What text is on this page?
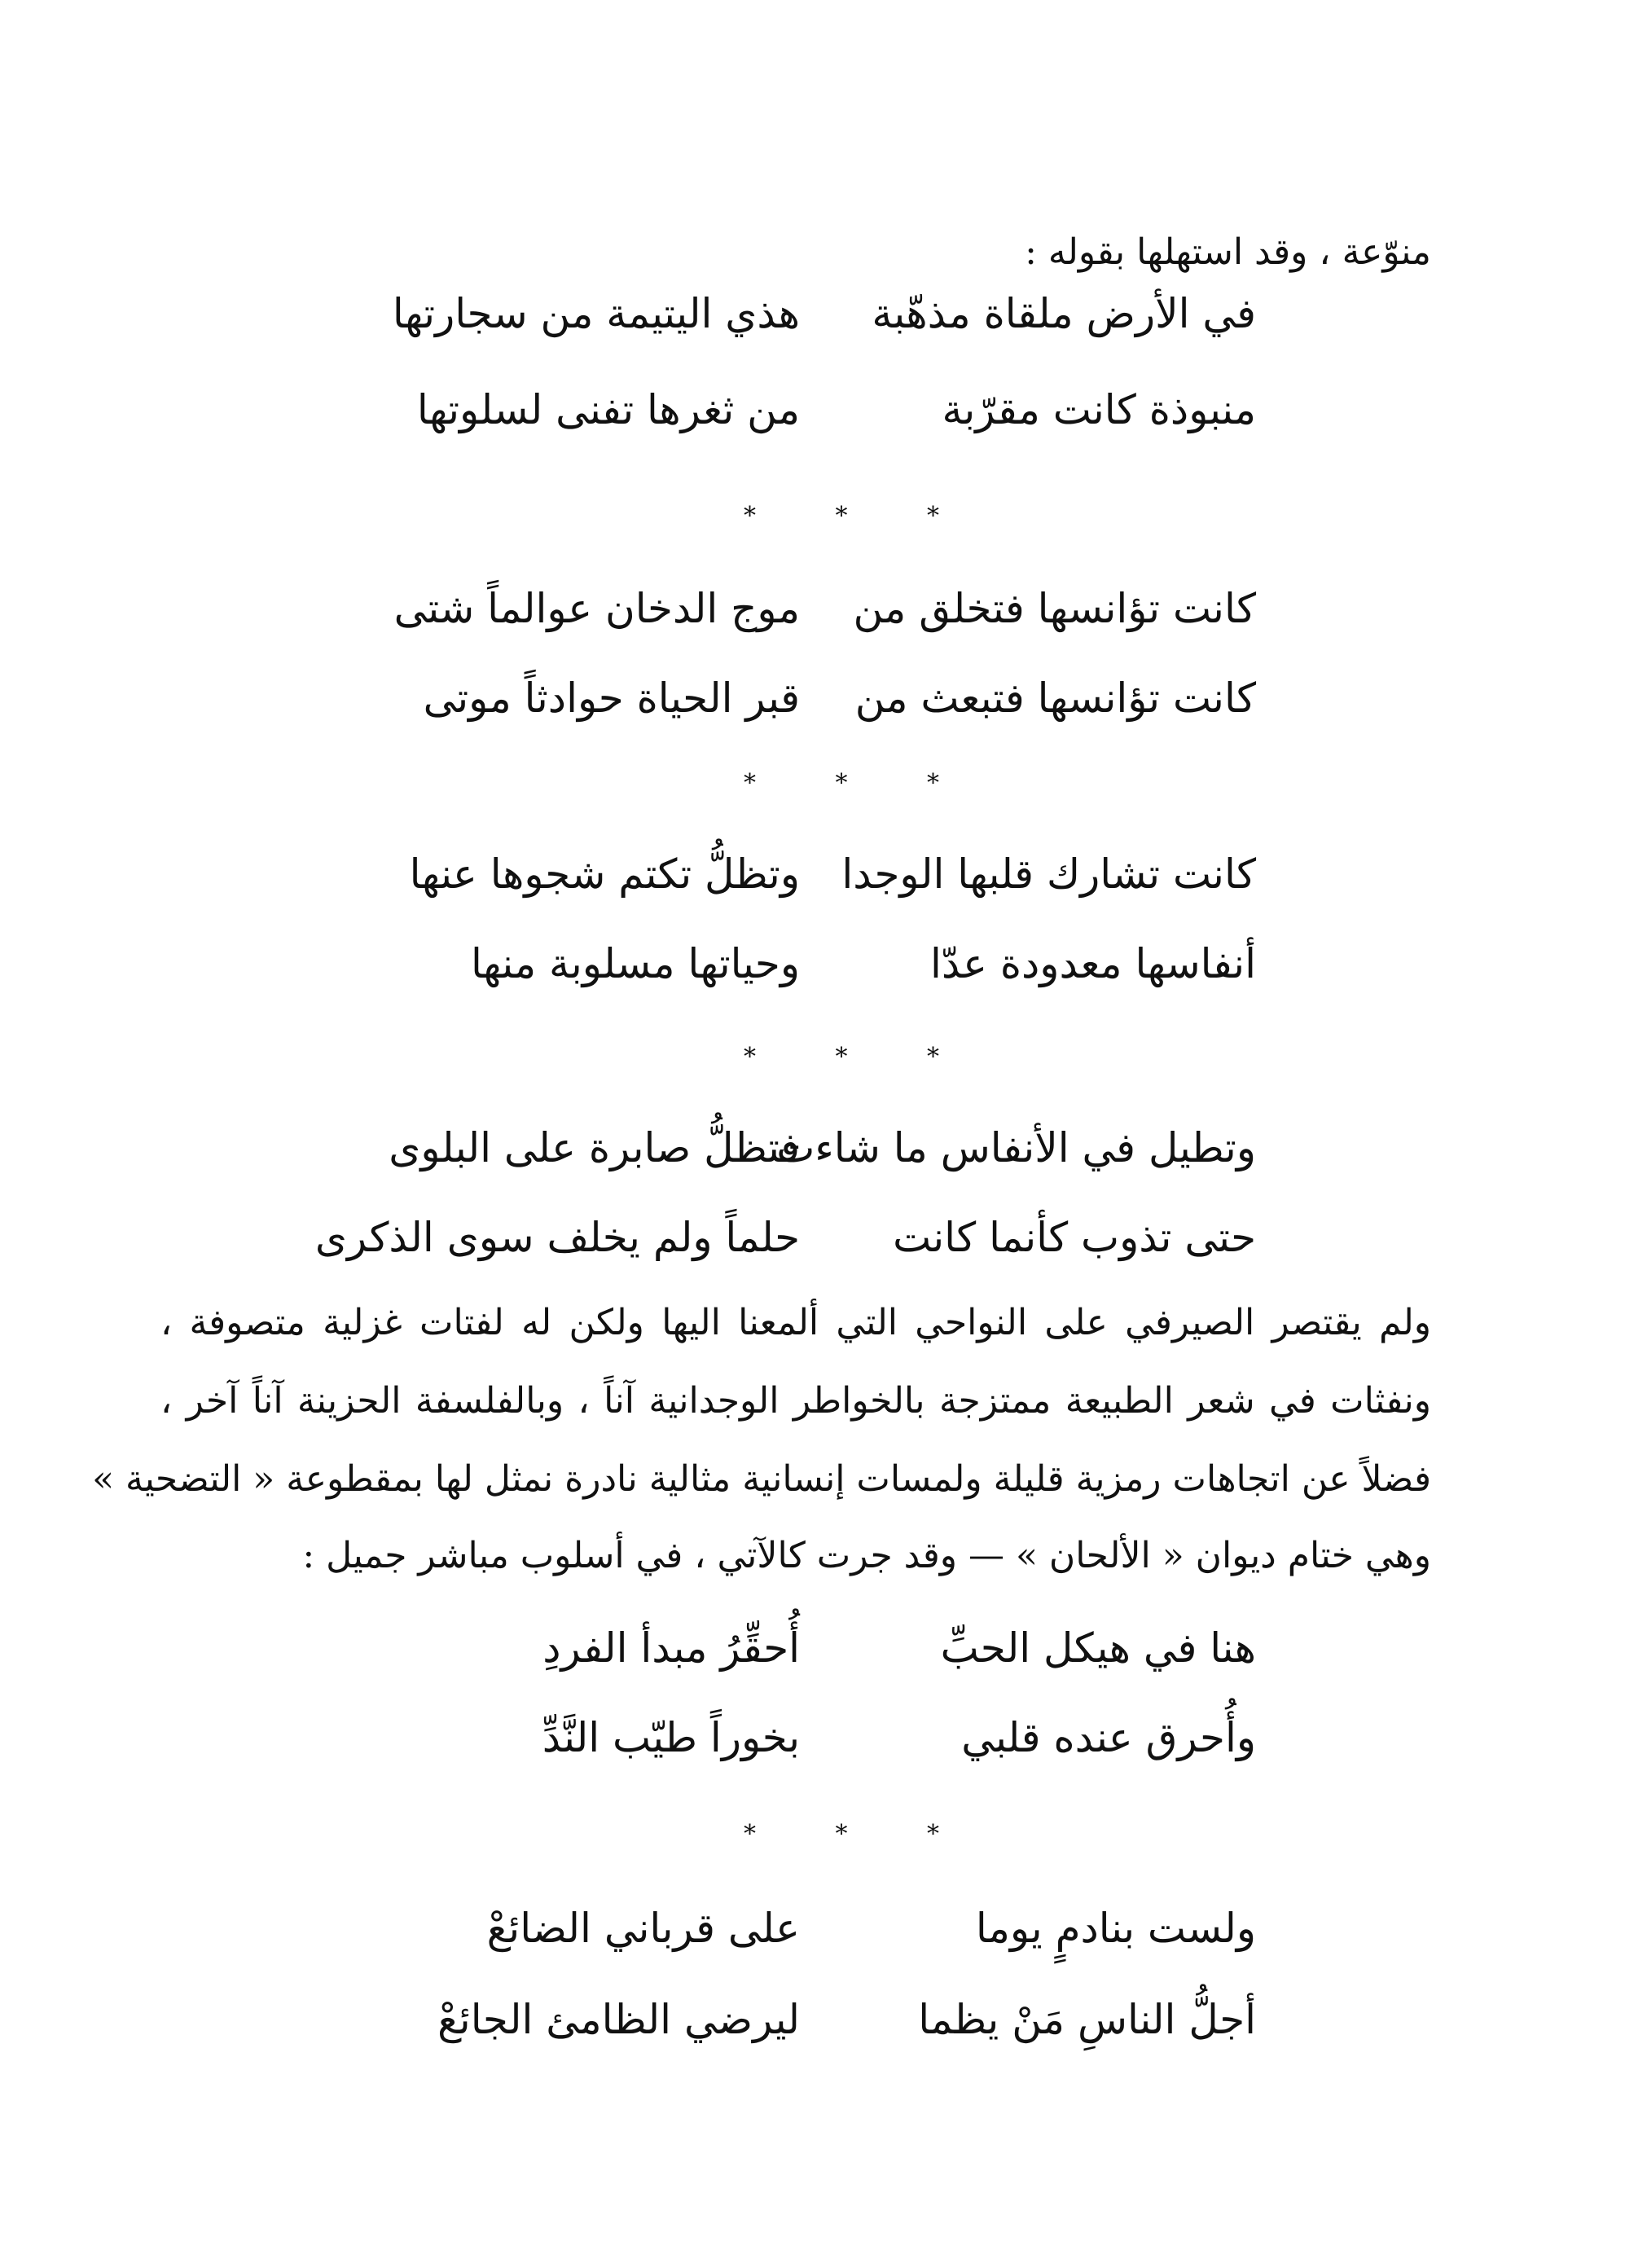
منوّعة ، وقد استهلها بقوله :
في الأرض ملقاة مذهّبة
هذي اليتيمة من سجارتها
منبوذة كانت مقرّبة
من ثغرها تفنى لسلوتها
* * *
كانت تؤانسها فتخلق من
موج الدخان عوالماً شتى
كانت تؤانسها فتبعث من
قبر الحياة حوادثاً موتى
* * *
كانت تشارك قلبها الوجدا
وتظلُّ تكتم شجوها عنها
أنفاسها معدودة عدّا
وحياتها مسلوبة منها
* * *
وتطيل في الأنفاس ما شاءت
فتظلُّ صابرة على البلوى
حتى تذوب كأنما كانت
حلماً ولم يخلف سوى الذكرى
ولم يقتصر الصيرفي على النواحي التي ألمعنا اليها ولكن له لفتات غزلية متصوفة ،
ونفثات في شعر الطبيعة ممتزجة بالخواطر الوجدانية آناً ، وبالفلسفة الحزينة آناً آخر ،
فضلاً عن اتجاهات رمزية قليلة ولمسات إنسانية مثالية نادرة نمثل لها بمقطوعة « التضحية »
وهي ختام ديوان « الألحان » — وقد جرت كالآتي ، في أسلوب مباشر جميل :
هنا في هيكل الحبِّ
أُحقِّرُ مبدأ الفردِ
وأُحرق عنده قلبي
بخوراً طيّب النَّدِّ
* * *
ولست بنادمٍ يوما
على قرباني الضائعْ
أجلُّ الناسِ مَنْ يظما
ليرضي الظامئ الجائعْ
